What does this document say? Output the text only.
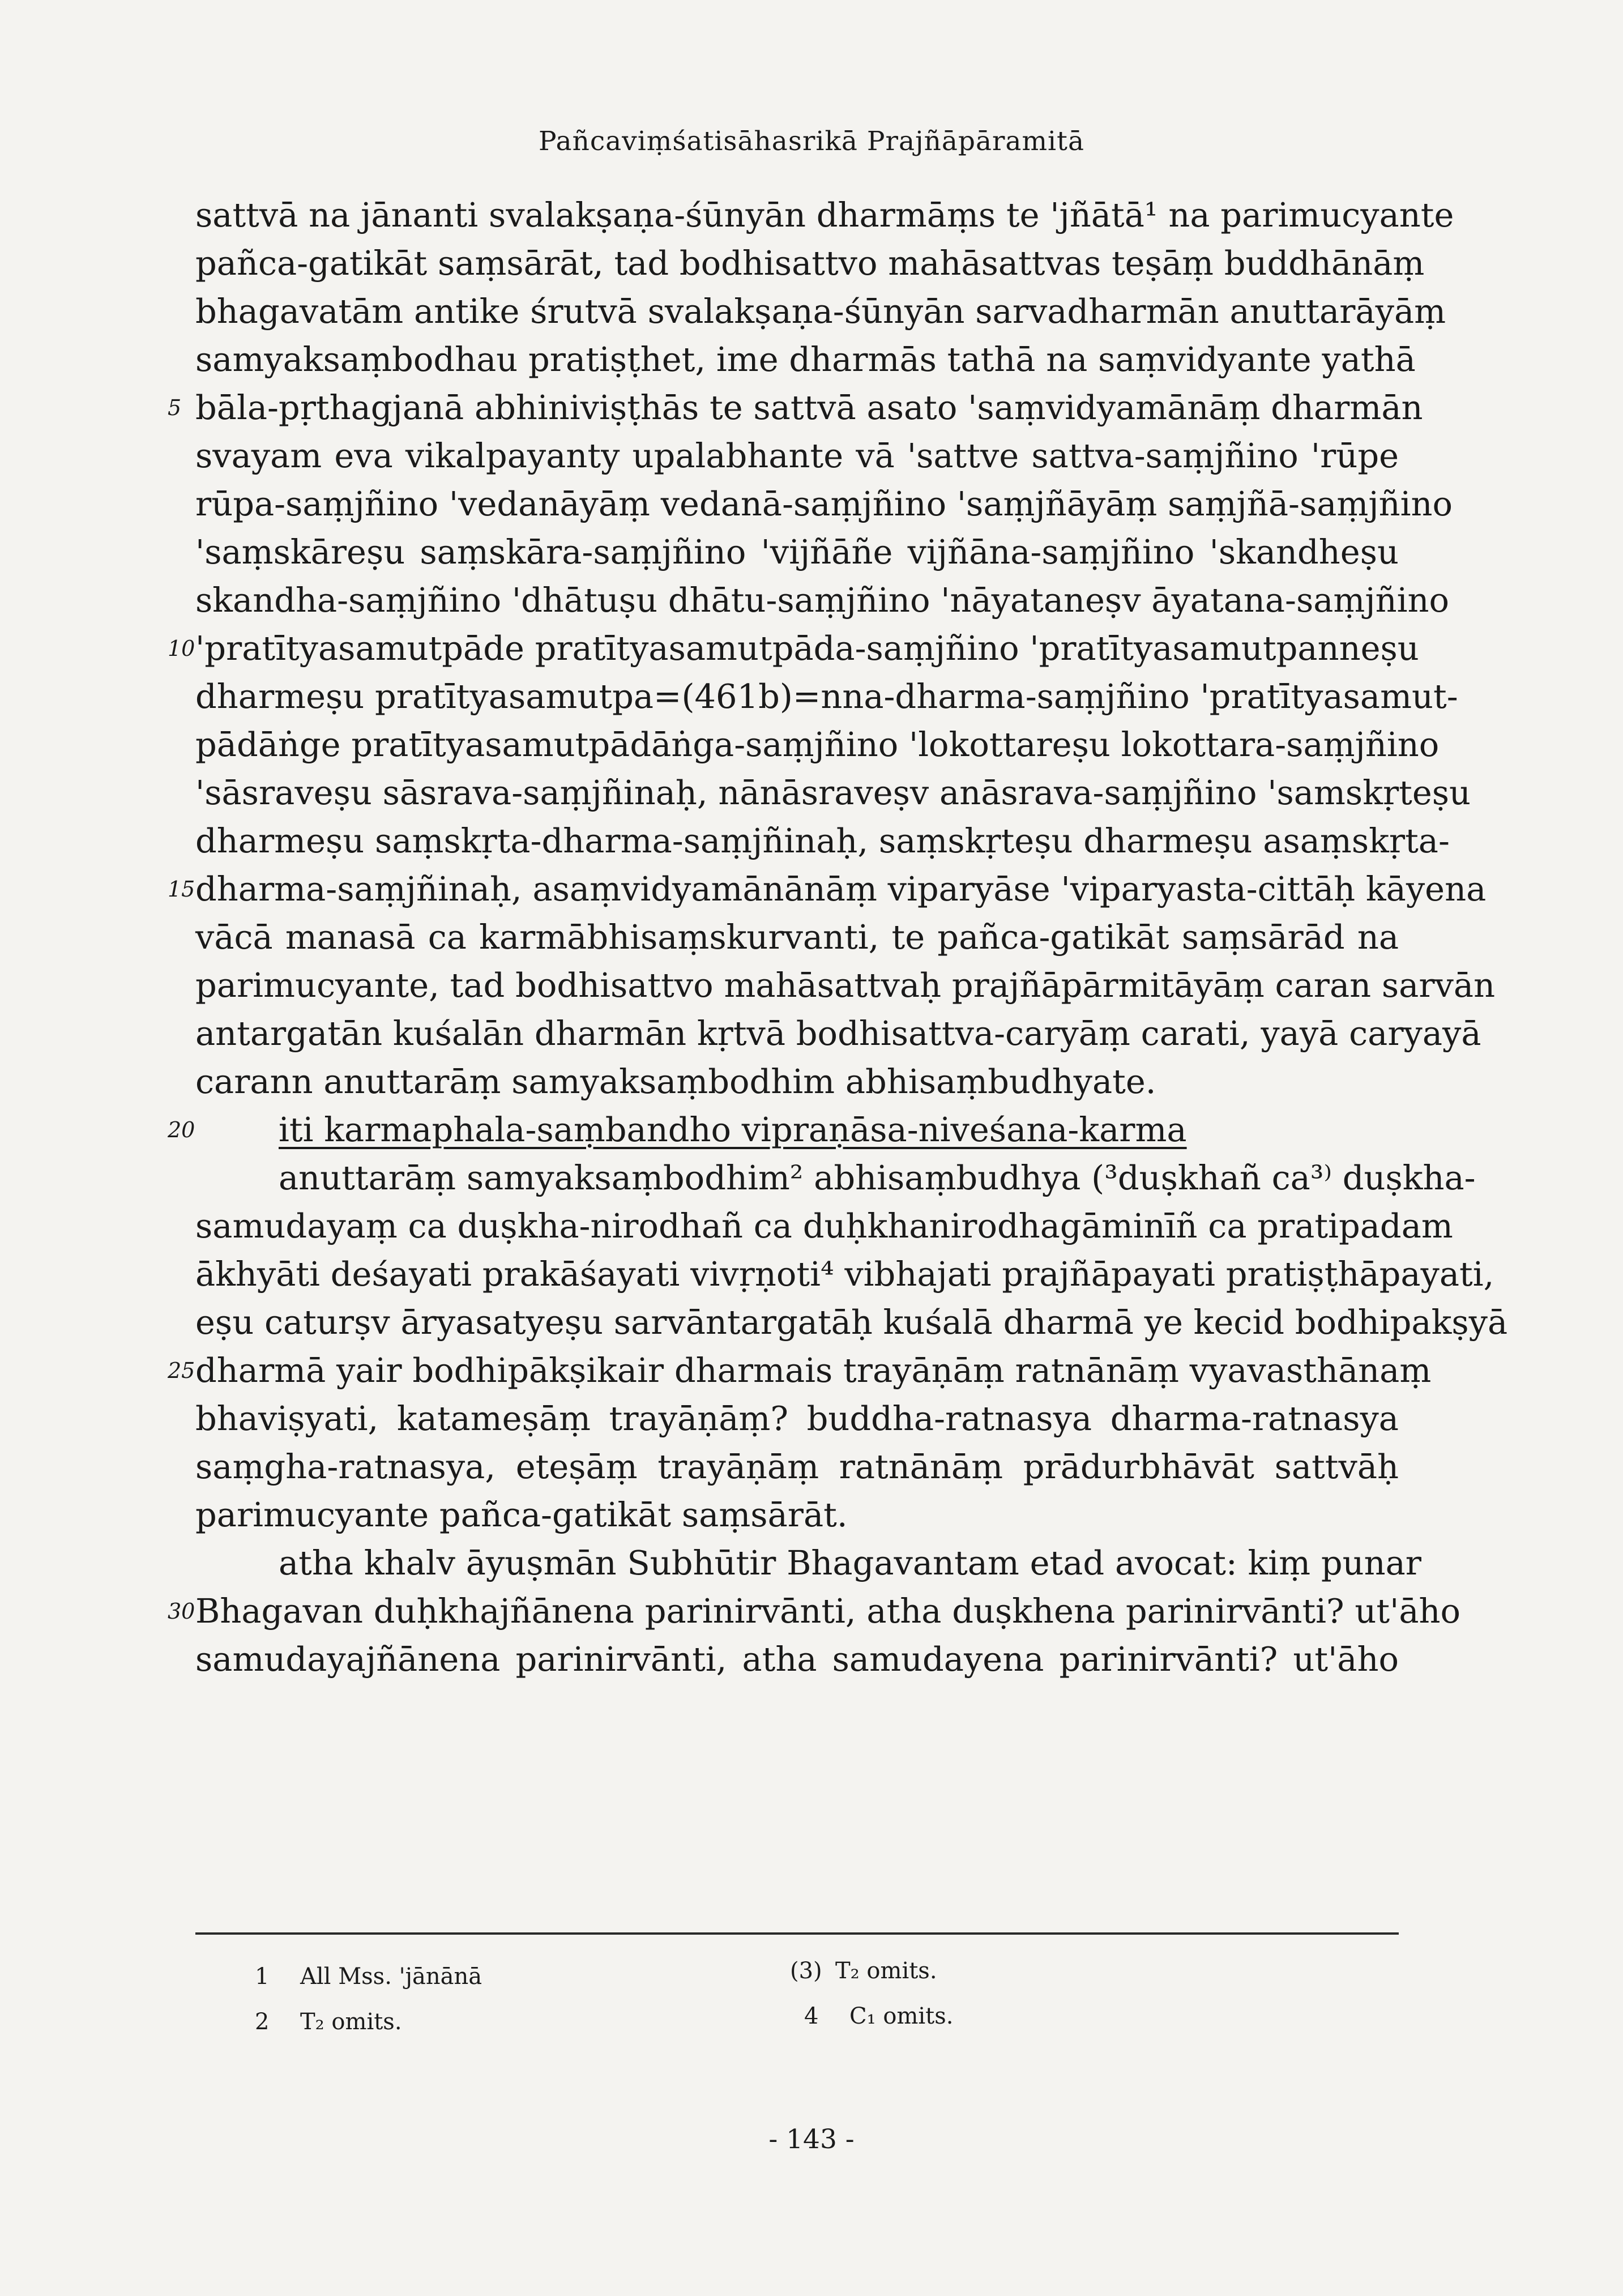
Pañcaviṃśatisāhasrikā Prajñāpāramitā
sattvā na jānanti svalakṣaṇa-śūnyān dharmāṃs te 'jñātā¹ na parimucyante
pañca-gatikāt saṃsārāt, tad bodhisattvo mahāsattvas teṣāṃ buddhānāṃ
bhagavatām antike śrutvā svalakṣaṇa-śūnyān sarvadharmān anuttarāyāṃ
samyaksaṃbodhau pratiṣṭhet, ime dharmās tathā na saṃvidyante yathā
bāla-pṛthagjanā abhiniviṣṭhās te sattvā asato 'saṃvidyamānāṃ dharmān
svayam eva vikalpayanty upalabhante vā 'sattve sattva-saṃjñino 'rūpe
rūpa-saṃjñino 'vedanāyāṃ vedanā-saṃjñino 'saṃjñāyāṃ saṃjñā-saṃjñino
'saṃskāreṣu saṃskāra-saṃjñino 'vijñāñe vijñāna-saṃjñino 'skandheṣu
skandha-saṃjñino 'dhātuṣu dhātu-saṃjñino 'nāyataneṣv āyatana-saṃjñino
'pratītyasamutpāde pratītyasamutpāda-saṃjñino 'pratītyasamutpanneṣu
dharmeṣu pratītyasamutpa=(461b)=nna-dharma-saṃjñino 'pratītyasamut-
pādāṅge pratītyasamutpādāṅga-saṃjñino 'lokottareṣu lokottara-saṃjñino
'sāsraveṣu sāsrava-saṃjñinaḥ, nānāsraveṣv anāsrava-saṃjñino 'samskṛteṣu
dharmeṣu saṃskṛta-dharma-saṃjñinaḥ, saṃskṛteṣu dharmeṣu asaṃskṛta-
dharma-saṃjñinaḥ, asaṃvidyamānānāṃ viparyāse 'viparyasta-cittāḥ kāyena
vācā manasā ca karmābhisaṃskurvanti, te pañca-gatikāt saṃsārād na
parimucyante, tad bodhisattvo mahāsattvaḥ prajñāpārmitāyāṃ caran sarvān
antargatān kuśalān dharmān kṛtvā bodhisattva-caryāṃ carati, yayā caryayā
carann anuttarāṃ samyaksaṃbodhim abhisaṃbudhyate.
iti karmaphala-saṃbandho vipraṇāsa-niveśana-karma
anuttarāṃ samyaksaṃbodhim² abhisaṃbudhya (³duṣkhañ ca³⁾ duṣkha-
samudayaṃ ca duṣkha-nirodhañ ca duḥkhanirodhagāminīñ ca pratipadam
ākhyāti deśayati prakāśayati vivṛṇoti⁴ vibhajati prajñāpayati pratiṣṭhāpayati,
eṣu caturṣv āryasatyeṣu sarvāntargatāḥ kuśalā dharmā ye kecid bodhipakṣyā
dharmā yair bodhipākṣikair dharmais trayāṇāṃ ratnānāṃ vyavasthānaṃ
bhaviṣyati, katameṣāṃ trayāṇāṃ? buddha-ratnasya dharma-ratnasya
saṃgha-ratnasya, eteṣāṃ trayāṇāṃ ratnānāṃ prādurbhāvāt sattvāḥ
parimucyante pañca-gatikāt saṃsārāt.
atha khalv āyuṣmān Subhūtir Bhagavantam etad avocat: kiṃ punar
Bhagavan duḥkhajñānena parinirvānti, atha duṣkhena parinirvānti? ut'āho
samudayajñānena parinirvānti, atha samudayena parinirvānti? ut'āho
5
10
15
20
25
30
1 All Mss. 'jānānā	(3) T₂ omits.
2 T₂ omits.	4 C₁ omits.
- 143 -
